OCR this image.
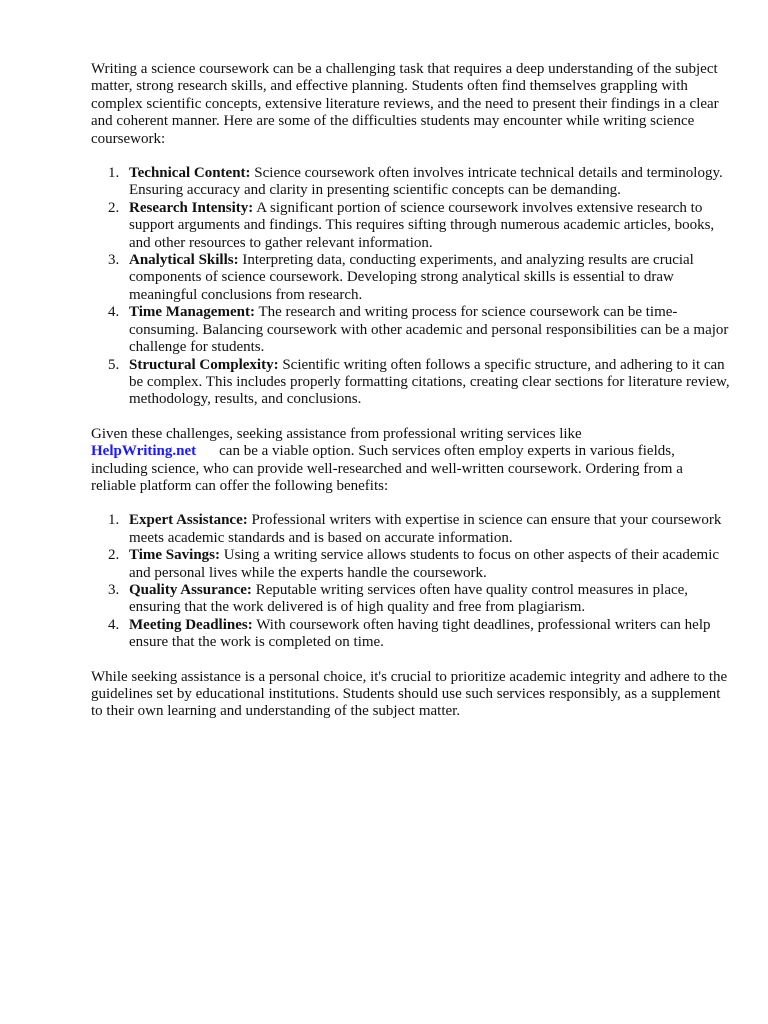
Writing a science coursework can be a challenging task that requires a deep understanding of the subject matter, strong research skills, and effective planning. Students often find themselves grappling with complex scientific concepts, extensive literature reviews, and the need to present their findings in a clear and coherent manner. Here are some of the difficulties students may encounter while writing science coursework:

1. Technical Content: Science coursework often involves intricate technical details and terminology. Ensuring accuracy and clarity in presenting scientific concepts can be demanding.
2. Research Intensity: A significant portion of science coursework involves extensive research to support arguments and findings. This requires sifting through numerous academic articles, books, and other resources to gather relevant information.
3. Analytical Skills: Interpreting data, conducting experiments, and analyzing results are crucial components of science coursework. Developing strong analytical skills is essential to draw meaningful conclusions from research.
4. Time Management: The research and writing process for science coursework can be time-consuming. Balancing coursework with other academic and personal responsibilities can be a major challenge for students.
5. Structural Complexity: Scientific writing often follows a specific structure, and adhering to it can be complex. This includes properly formatting citations, creating clear sections for literature review, methodology, results, and conclusions.

Given these challenges, seeking assistance from professional writing services like
HelpWriting.net can be a viable option. Such services often employ experts in various fields, including science, who can provide well-researched and well-written coursework. Ordering from a reliable platform can offer the following benefits:

1. Expert Assistance: Professional writers with expertise in science can ensure that your coursework meets academic standards and is based on accurate information.
2. Time Savings: Using a writing service allows students to focus on other aspects of their academic and personal lives while the experts handle the coursework.
3. Quality Assurance: Reputable writing services often have quality control measures in place, ensuring that the work delivered is of high quality and free from plagiarism.
4. Meeting Deadlines: With coursework often having tight deadlines, professional writers can help ensure that the work is completed on time.

While seeking assistance is a personal choice, it's crucial to prioritize academic integrity and adhere to the guidelines set by educational institutions. Students should use such services responsibly, as a supplement to their own learning and understanding of the subject matter.
